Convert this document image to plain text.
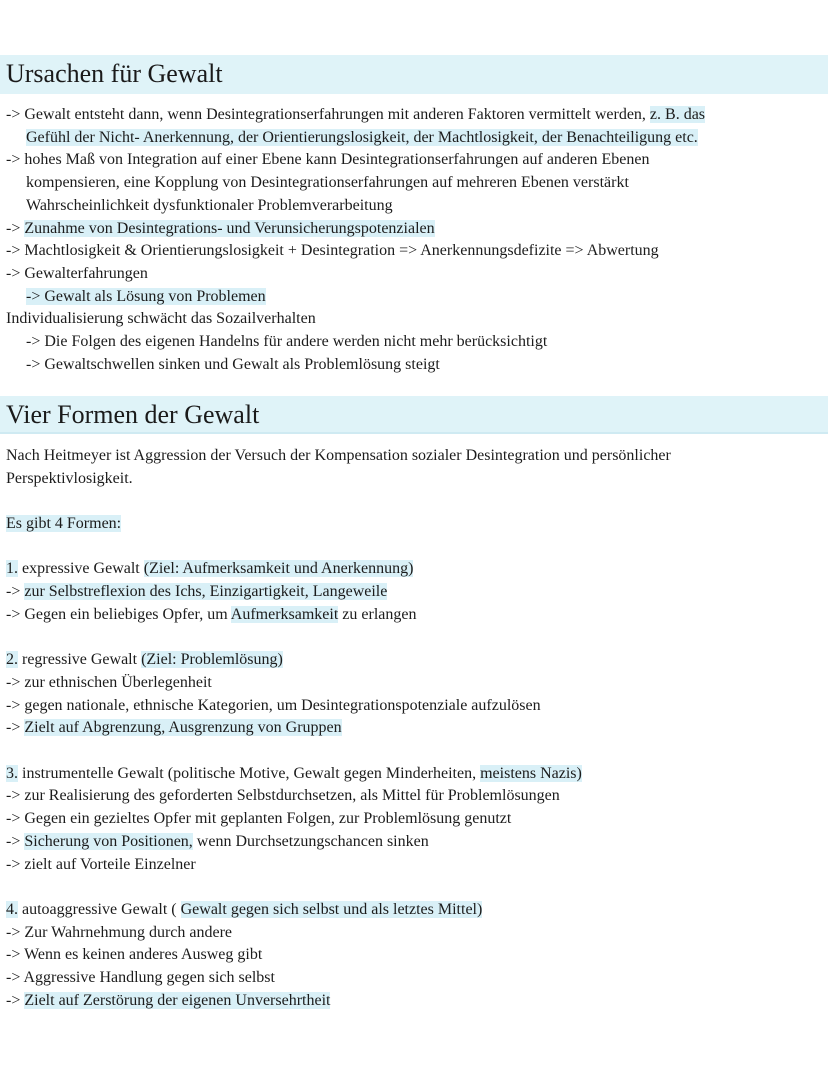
Ursachen für Gewalt
-> Gewalt entsteht dann, wenn Desintegrationserfahrungen mit anderen Faktoren vermittelt werden, z. B. das
Gefühl der Nicht- Anerkennung, der Orientierungslosigkeit, der Machtlosigkeit, der Benachteiligung etc.
-> hohes Maß von Integration auf einer Ebene kann Desintegrationserfahrungen auf anderen Ebenen
kompensieren, eine Kopplung von Desintegrationserfahrungen auf mehreren Ebenen verstärkt
Wahrscheinlichkeit dysfunktionaler Problemverarbeitung
-> Zunahme von Desintegrations- und Verunsicherungspotenzialen
-> Machtlosigkeit & Orientierungslosigkeit + Desintegration => Anerkennungsdefizite => Abwertung
-> Gewalterfahrungen
-> Gewalt als Lösung von Problemen
Individualisierung schwächt das Sozailverhalten
-> Die Folgen des eigenen Handelns für andere werden nicht mehr berücksichtigt
-> Gewaltschwellen sinken und Gewalt als Problemlösung steigt
Vier Formen der Gewalt
Nach Heitmeyer ist Aggression der Versuch der Kompensation sozialer Desintegration und persönlicher
Perspektivlosigkeit.
Es gibt 4 Formen:
1. expressive Gewalt (Ziel: Aufmerksamkeit und Anerkennung)
-> zur Selbstreflexion des Ichs, Einzigartigkeit, Langeweile
-> Gegen ein beliebiges Opfer, um Aufmerksamkeit zu erlangen
2. regressive Gewalt (Ziel: Problemlösung)
-> zur ethnischen Überlegenheit
-> gegen nationale, ethnische Kategorien, um Desintegrationspotenziale aufzulösen
-> Zielt auf Abgrenzung, Ausgrenzung von Gruppen
3. instrumentelle Gewalt (politische Motive, Gewalt gegen Minderheiten, meistens Nazis)
-> zur Realisierung des geforderten Selbstdurchsetzen, als Mittel für Problemlösungen
-> Gegen ein gezieltes Opfer mit geplanten Folgen, zur Problemlösung genutzt
-> Sicherung von Positionen, wenn Durchsetzungschancen sinken
-> zielt auf Vorteile Einzelner
4. autoaggressive Gewalt ( Gewalt gegen sich selbst und als letztes Mittel)
-> Zur Wahrnehmung durch andere
-> Wenn es keinen anderes Ausweg gibt
-> Aggressive Handlung gegen sich selbst
-> Zielt auf Zerstörung der eigenen Unversehrtheit
